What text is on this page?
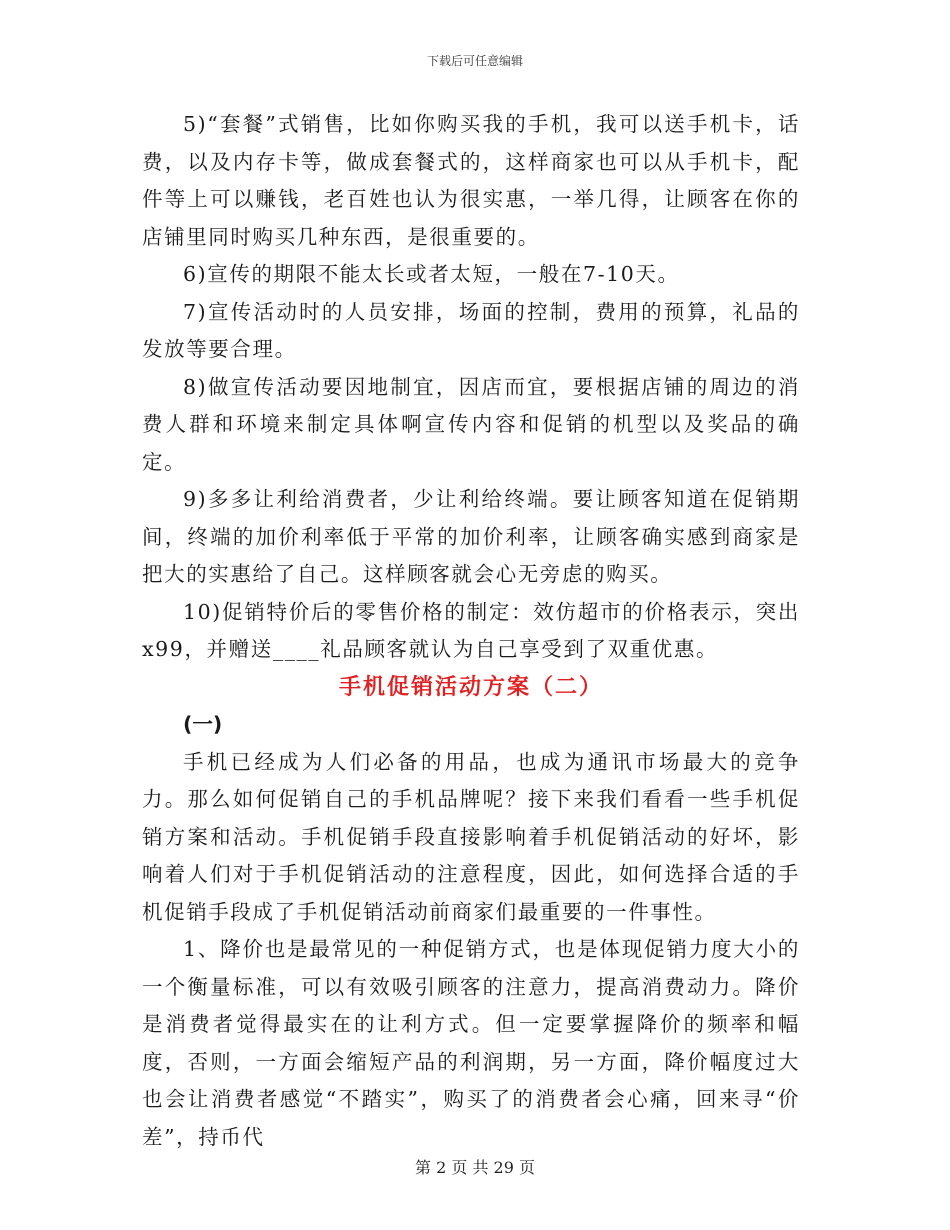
下载后可任意编辑

5)“套餐”式销售，比如你购买我的手机，我可以送手机卡，话费，以及内存卡等，做成套餐式的，这样商家也可以从手机卡，配件等上可以赚钱，老百姓也认为很实惠，一举几得，让顾客在你的店铺里同时购买几种东西，是很重要的。

6)宣传的期限不能太长或者太短，一般在7-10天。

7)宣传活动时的人员安排，场面的控制，费用的预算，礼品的发放等要合理。

8)做宣传活动要因地制宜，因店而宜，要根据店铺的周边的消费人群和环境来制定具体啊宣传内容和促销的机型以及奖品的确定。

9)多多让利给消费者，少让利给终端。要让顾客知道在促销期间，终端的加价利率低于平常的加价利率，让顾客确实感到商家是把大的实惠给了自己。这样顾客就会心无旁虑的购买。

10)促销特价后的零售价格的制定：效仿超市的价格表示，突出x99，并赠送____礼品顾客就认为自己享受到了双重优惠。

手机促销活动方案（二）

(一)

手机已经成为人们必备的用品，也成为通讯市场最大的竞争力。那么如何促销自己的手机品牌呢？接下来我们看看一些手机促销方案和活动。手机促销手段直接影响着手机促销活动的好坏，影响着人们对于手机促销活动的注意程度，因此，如何选择合适的手机促销手段成了手机促销活动前商家们最重要的一件事性。

1、降价也是最常见的一种促销方式，也是体现促销力度大小的一个衡量标准，可以有效吸引顾客的注意力，提高消费动力。降价是消费者觉得最实在的让利方式。但一定要掌握降价的频率和幅度，否则，一方面会缩短产品的利润期，另一方面，降价幅度过大也会让消费者感觉“不踏实”，购买了的消费者会心痛，回来寻“价差”，持币代

第 2 页 共 29 页
